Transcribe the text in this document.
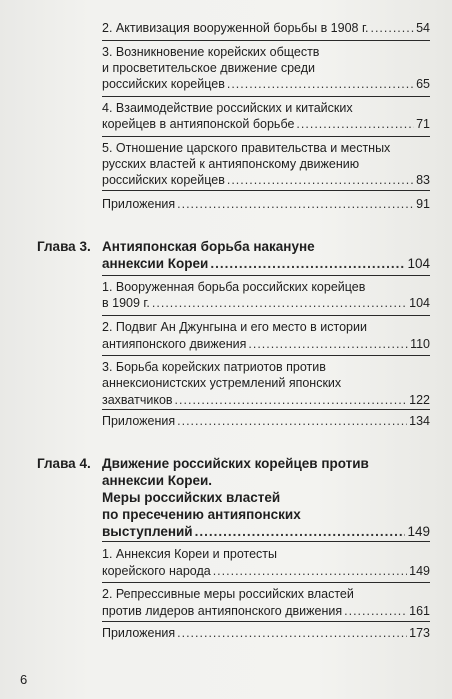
2. Активизация вооруженной борьбы в 1908 г. .....	54
3. Возникновение корейских обществ
и просветительское движение среди
российских корейцев .....	65
4. Взаимодействие российских и китайских
корейцев в антияпонской борьбе .....	71
5. Отношение царского правительства и местных
русских властей к антияпонскому движению
российских корейцев .....	83
Приложения .....	91
Глава 3. Антияпонская борьба накануне
аннексии Кореи .....	104
1. Вооруженная борьба российских корейцев
в 1909 г. .....	104
2. Подвиг Ан Джунгына и его место в истории
антияпонского движения .....	110
3. Борьба корейских патриотов против
аннексионистских устремлений японских
захватчиков .....	122
Приложения .....	134
Глава 4. Движение российских корейцев против
аннексии Кореи.
Меры российских властей
по пресечению антияпонских
выступлений .....	149
1. Аннексия Кореи и протесты
корейского народа .....	149
2. Репрессивные меры российских властей
против лидеров антияпонского движения .....	161
Приложения .....	173
6
